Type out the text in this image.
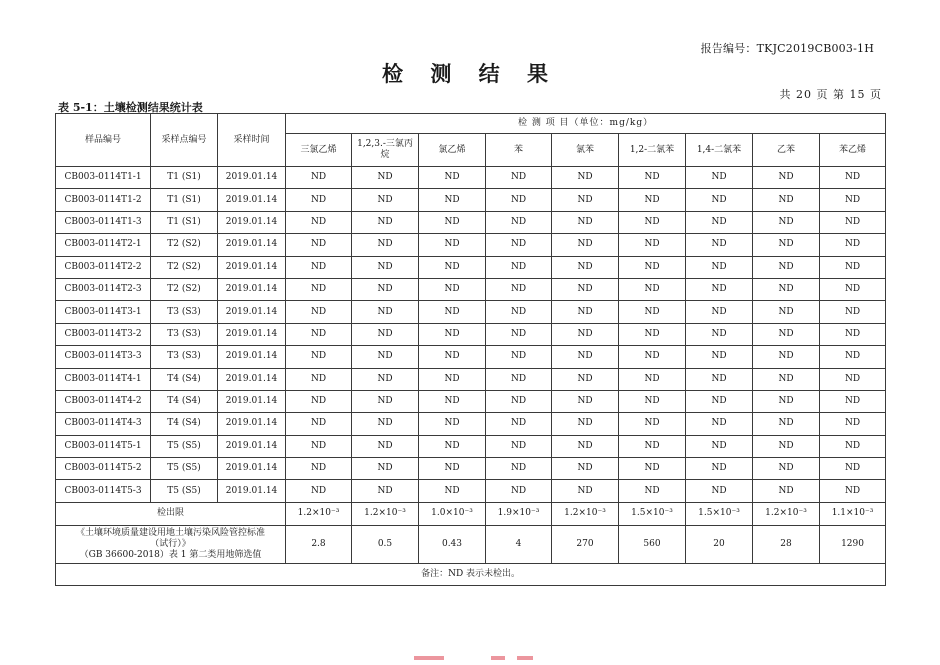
报告编号：TKJC2019CB003-1H
检 测 结 果
共 20 页 第 15 页
表 5-1：土壤检测结果统计表
样品编号	采样点编号	采样时间	检 测 项 目（单位：mg/kg）								
			三氯乙烯	1,2,3.-三氯丙烷	氯乙烯	苯	氯苯	1,2-二氯苯	1,4-二氯苯	乙苯	苯乙烯
CB003-0114T1-1	T1 (S1)	2019.01.14	ND	ND	ND	ND	ND	ND	ND	ND	ND
CB003-0114T1-2	T1 (S1)	2019.01.14	ND	ND	ND	ND	ND	ND	ND	ND	ND
CB003-0114T1-3	T1 (S1)	2019.01.14	ND	ND	ND	ND	ND	ND	ND	ND	ND
CB003-0114T2-1	T2 (S2)	2019.01.14	ND	ND	ND	ND	ND	ND	ND	ND	ND
CB003-0114T2-2	T2 (S2)	2019.01.14	ND	ND	ND	ND	ND	ND	ND	ND	ND
CB003-0114T2-3	T2 (S2)	2019.01.14	ND	ND	ND	ND	ND	ND	ND	ND	ND
CB003-0114T3-1	T3 (S3)	2019.01.14	ND	ND	ND	ND	ND	ND	ND	ND	ND
CB003-0114T3-2	T3 (S3)	2019.01.14	ND	ND	ND	ND	ND	ND	ND	ND	ND
CB003-0114T3-3	T3 (S3)	2019.01.14	ND	ND	ND	ND	ND	ND	ND	ND	ND
CB003-0114T4-1	T4 (S4)	2019.01.14	ND	ND	ND	ND	ND	ND	ND	ND	ND
CB003-0114T4-2	T4 (S4)	2019.01.14	ND	ND	ND	ND	ND	ND	ND	ND	ND
CB003-0114T4-3	T4 (S4)	2019.01.14	ND	ND	ND	ND	ND	ND	ND	ND	ND
CB003-0114T5-1	T5 (S5)	2019.01.14	ND	ND	ND	ND	ND	ND	ND	ND	ND
CB003-0114T5-2	T5 (S5)	2019.01.14	ND	ND	ND	ND	ND	ND	ND	ND	ND
CB003-0114T5-3	T5 (S5)	2019.01.14	ND	ND	ND	ND	ND	ND	ND	ND	ND
检出限			1.2×10⁻³	1.2×10⁻³	1.0×10⁻³	1.9×10⁻³	1.2×10⁻³	1.5×10⁻³	1.5×10⁻³	1.2×10⁻³	1.1×10⁻³

《土壤环境质量建设用地土壤污染风险管控标准
（试行）》
（GB 36600-2018）表 1 第二类用地筛选值			2.8	0.5	0.43	4	270	560	20	28	1290
备注：ND 表示未检出。											
